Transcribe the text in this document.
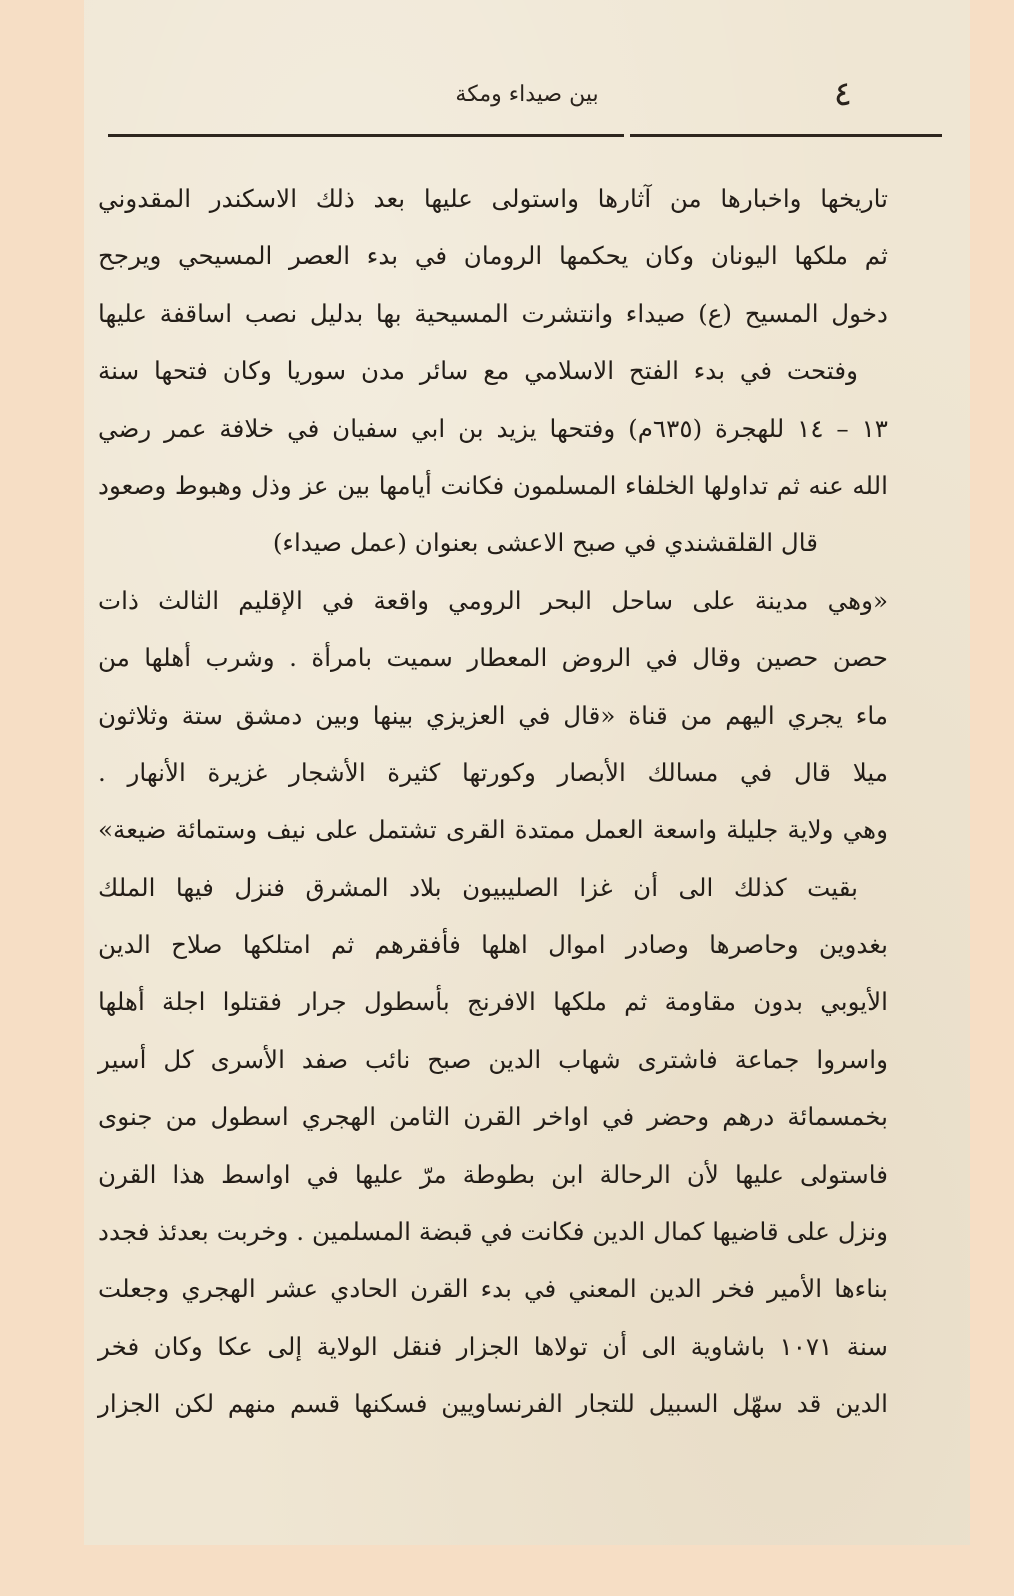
بين صيداء ومكة	٤
تاريخها واخبارها من آثارها واستولى عليها بعد ذلك الاسكندر المقدوني
ثم ملكها اليونان وكان يحكمها الرومان في بدء العصر المسيحي ويرجح
دخول المسيح (ع) صيداء وانتشرت المسيحية بها بدليل نصب اساقفة عليها
وفتحت في بدء الفتح الاسلامي مع سائر مدن سوريا وكان فتحها سنة
١٣ – ١٤ للهجرة (٦٣٥م) وفتحها يزيد بن ابي سفيان في خلافة عمر رضي
الله عنه ثم تداولها الخلفاء المسلمون فكانت أيامها بين عز وذل وهبوط وصعود
قال القلقشندي في صبح الاعشى بعنوان (عمل صيداء)
«وهي مدينة على ساحل البحر الرومي واقعة في الإقليم الثالث ذات
حصن حصين وقال في الروض المعطار سميت بامرأة . وشرب أهلها من
ماء يجري اليهم من قناة «قال في العزيزي بينها وبين دمشق ستة وثلاثون
ميلا قال في مسالك الأبصار وكورتها كثيرة الأشجار غزيرة الأنهار .
وهي ولاية جليلة واسعة العمل ممتدة القرى تشتمل على نيف وستمائة ضيعة»
بقيت كذلك الى أن غزا الصليبيون بلاد المشرق فنزل فيها الملك
بغدوين وحاصرها وصادر اموال اهلها فأفقرهم ثم امتلكها صلاح الدين
الأيوبي بدون مقاومة ثم ملكها الافرنج بأسطول جرار فقتلوا اجلة أهلها
واسروا جماعة فاشترى شهاب الدين صبح نائب صفد الأسرى كل أسير
بخمسمائة درهم وحضر في اواخر القرن الثامن الهجري اسطول من جنوى
فاستولى عليها لأن الرحالة ابن بطوطة مرّ عليها في اواسط هذا القرن
ونزل على قاضيها كمال الدين فكانت في قبضة المسلمين . وخربت بعدئذ فجدد
بناءها الأمير فخر الدين المعني في بدء القرن الحادي عشر الهجري وجعلت
سنة ١٠٧١ باشاوية الى أن تولاها الجزار فنقل الولاية إلى عكا وكان فخر
الدين قد سهّل السبيل للتجار الفرنساويين فسكنها قسم منهم لكن الجزار
